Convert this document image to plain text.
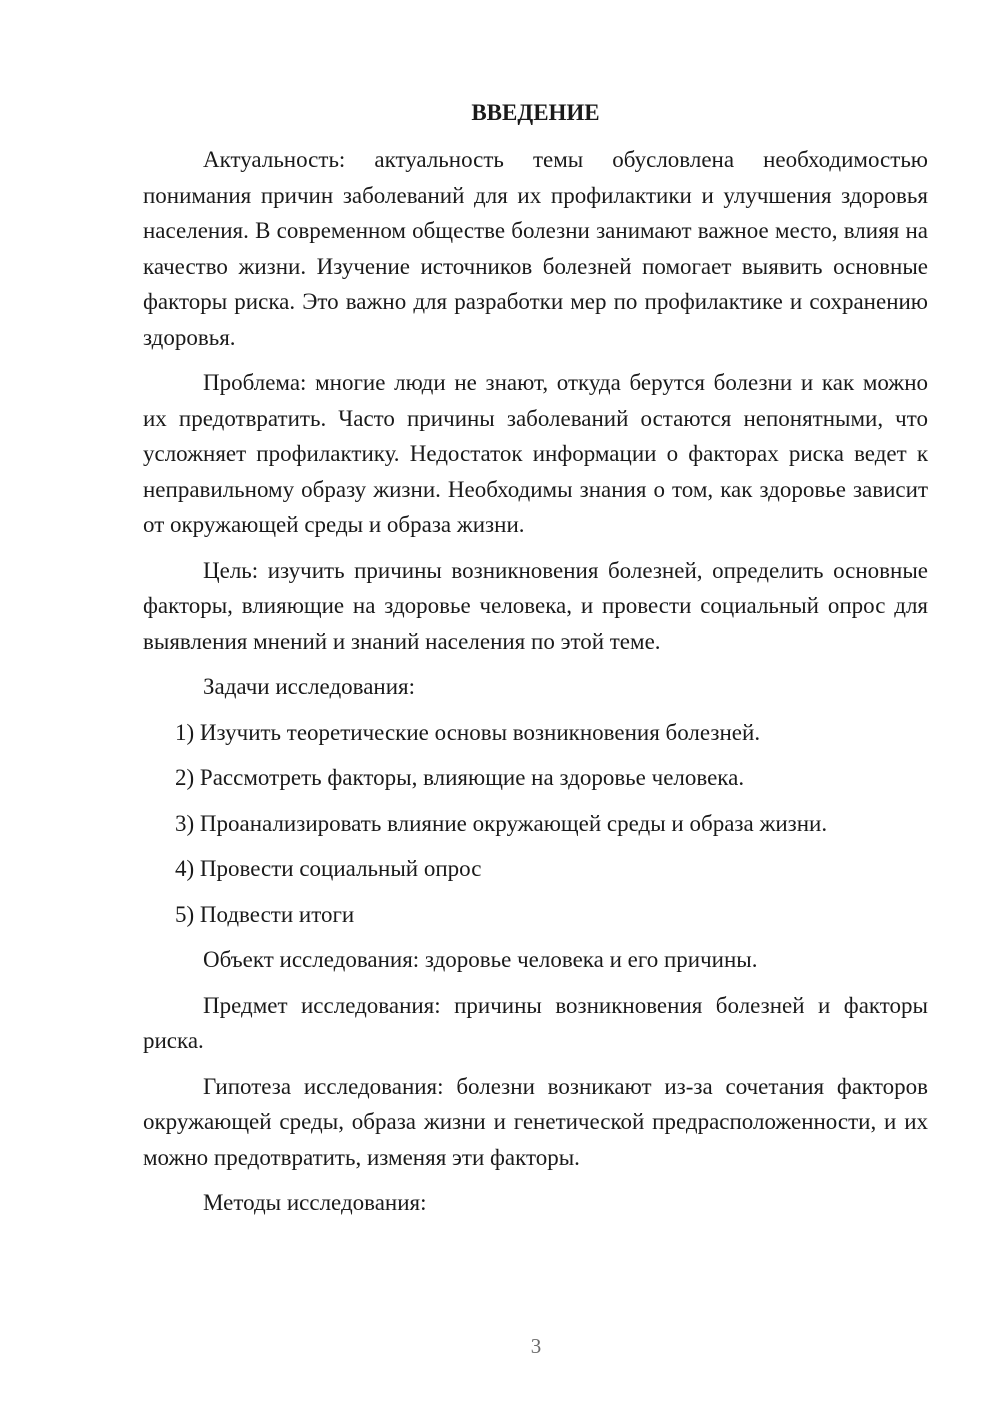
ВВЕДЕНИЕ

Актуальность: актуальность темы обусловлена необходимостью понимания причин заболеваний для их профилактики и улучшения здоровья населения. В современном обществе болезни занимают важное место, влияя на качество жизни. Изучение источников болезней помогает выявить основные факторы риска. Это важно для разработки мер по профилактике и сохранению здоровья.

Проблема: многие люди не знают, откуда берутся болезни и как можно их предотвратить. Часто причины заболеваний остаются непонятными, что усложняет профилактику. Недостаток информации о факторах риска ведет к неправильному образу жизни. Необходимы знания о том, как здоровье зависит от окружающей среды и образа жизни.

Цель: изучить причины возникновения болезней, определить основные факторы, влияющие на здоровье человека, и провести социальный опрос для выявления мнений и знаний населения по этой теме.

Задачи исследования:

1) Изучить теоретические основы возникновения болезней.
2) Рассмотреть факторы, влияющие на здоровье человека.
3) Проанализировать влияние окружающей среды и образа жизни.
4) Провести социальный опрос
5) Подвести итоги

Объект исследования: здоровье человека и его причины.

Предмет исследования: причины возникновения болезней и факторы риска.

Гипотеза исследования: болезни возникают из-за сочетания факторов окружающей среды, образа жизни и генетической предрасположенности, и их можно предотвратить, изменяя эти факторы.

Методы исследования:

3
